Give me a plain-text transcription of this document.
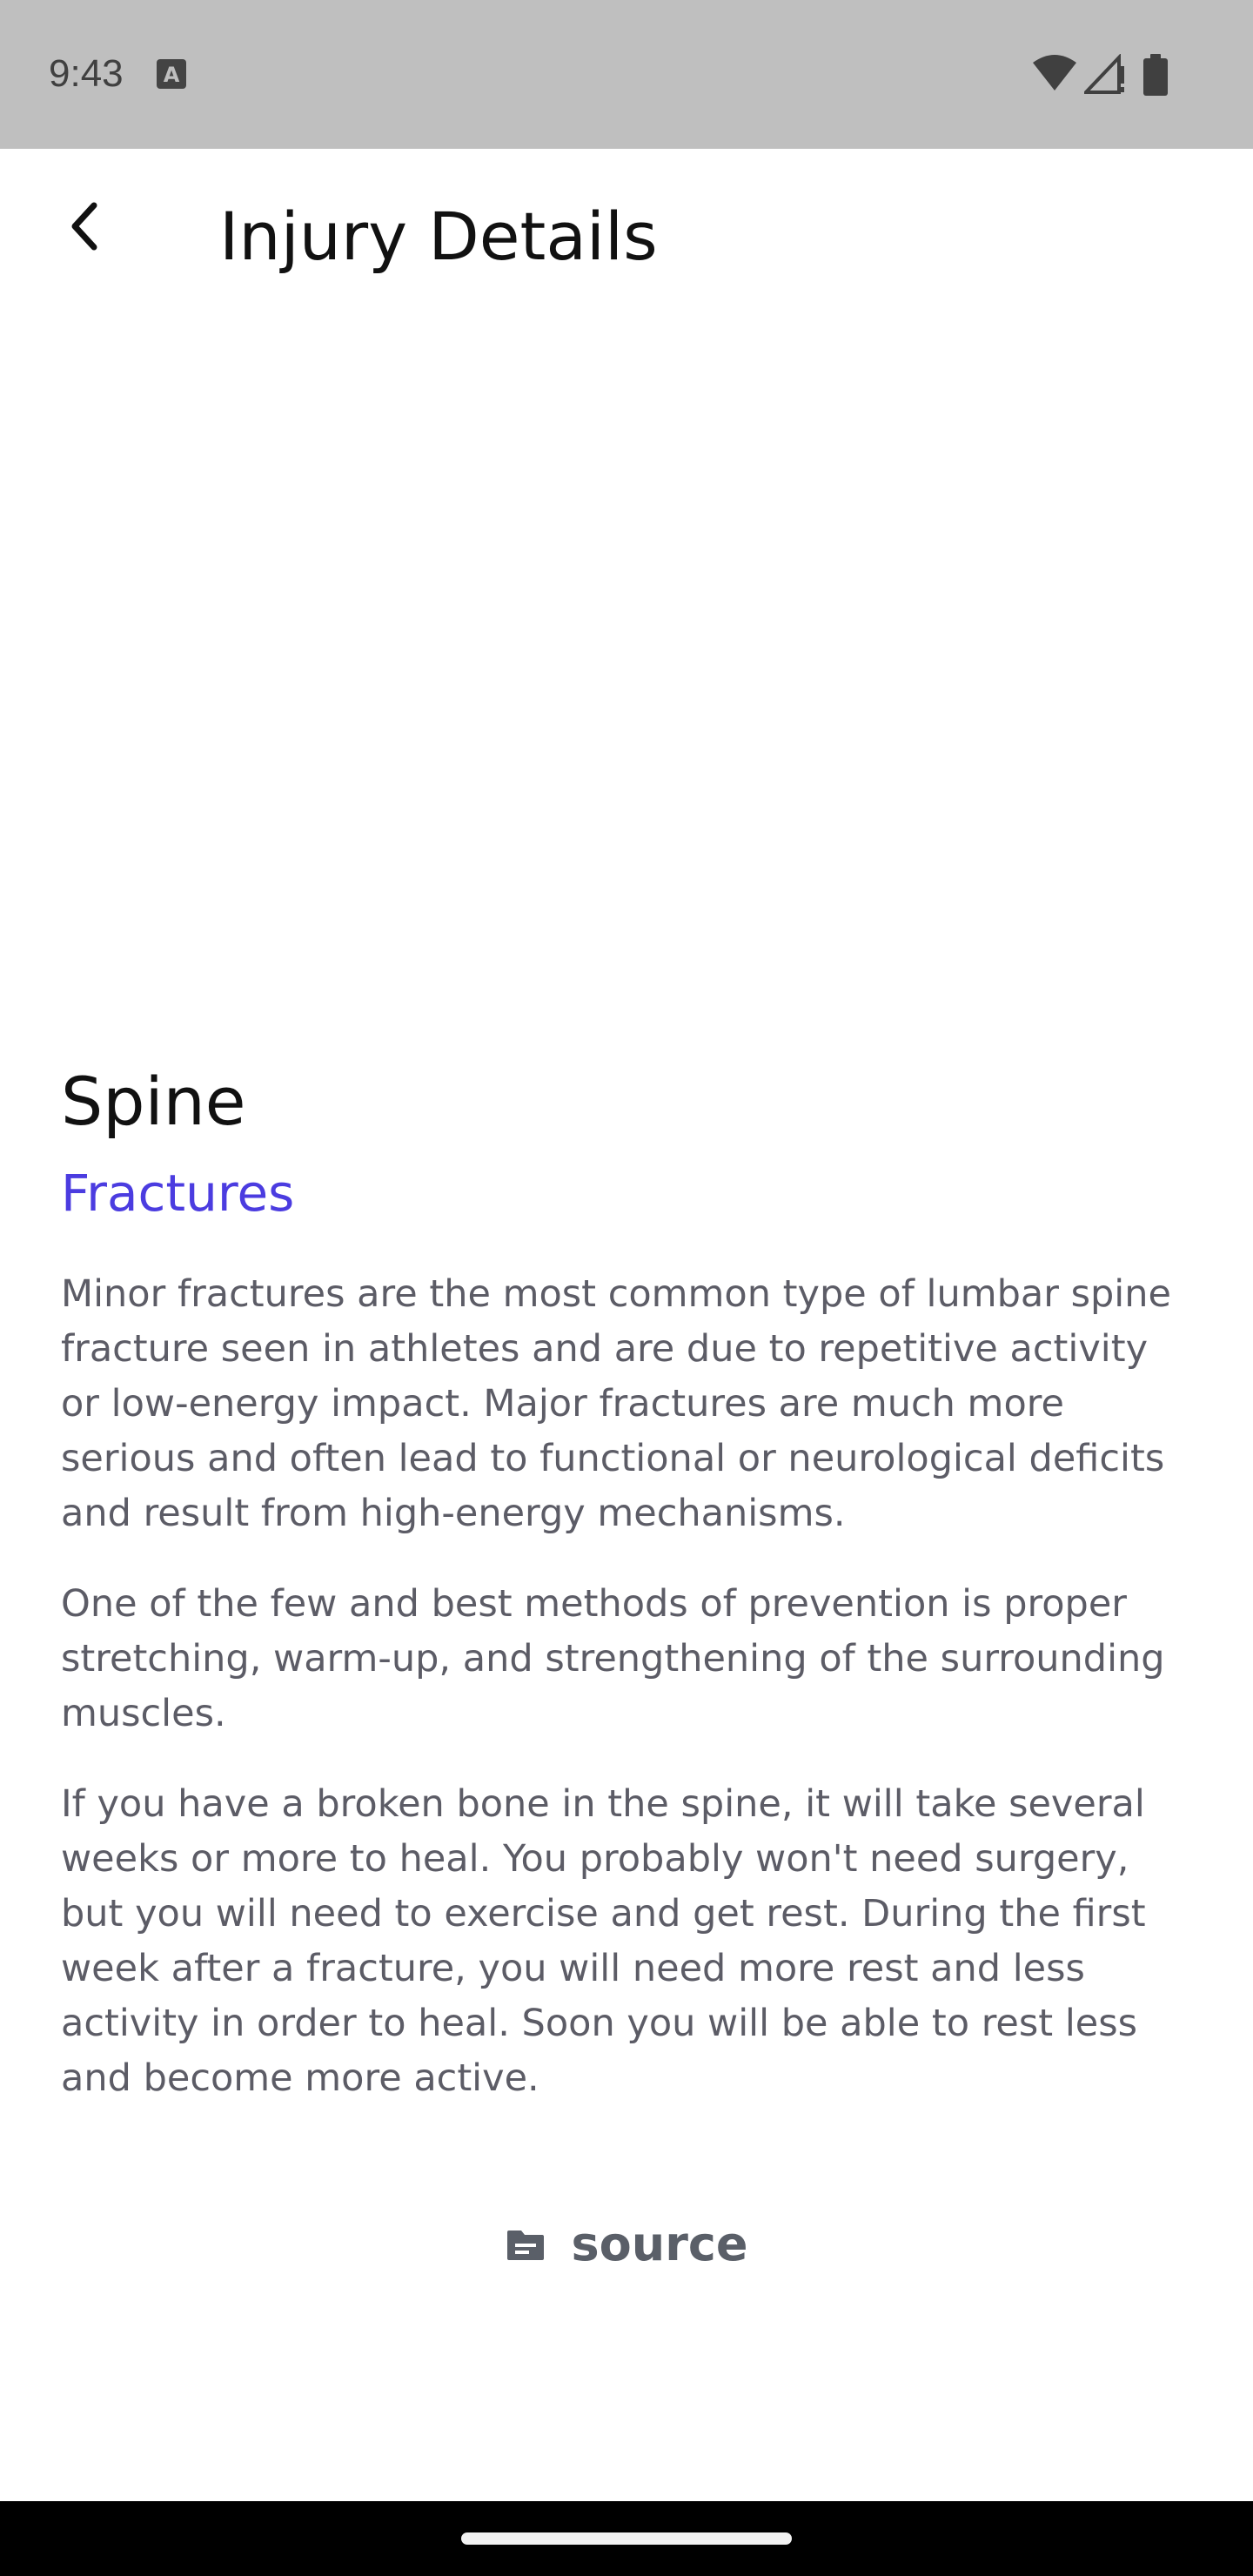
9:43 A
Injury Details
Spine
Fractures

Minor fractures are the most common type of lumbar spine fracture seen in athletes and are due to repetitive activity or low-energy impact. Major fractures are much more serious and often lead to functional or neurological deficits and result from high-energy mechanisms.

One of the few and best methods of prevention is proper stretching, warm-up, and strengthening of the surrounding muscles.

If you have a broken bone in the spine, it will take several weeks or more to heal. You probably won't need surgery, but you will need to exercise and get rest. During the first week after a fracture, you will need more rest and less activity in order to heal. Soon you will be able to rest less and become more active.

source
